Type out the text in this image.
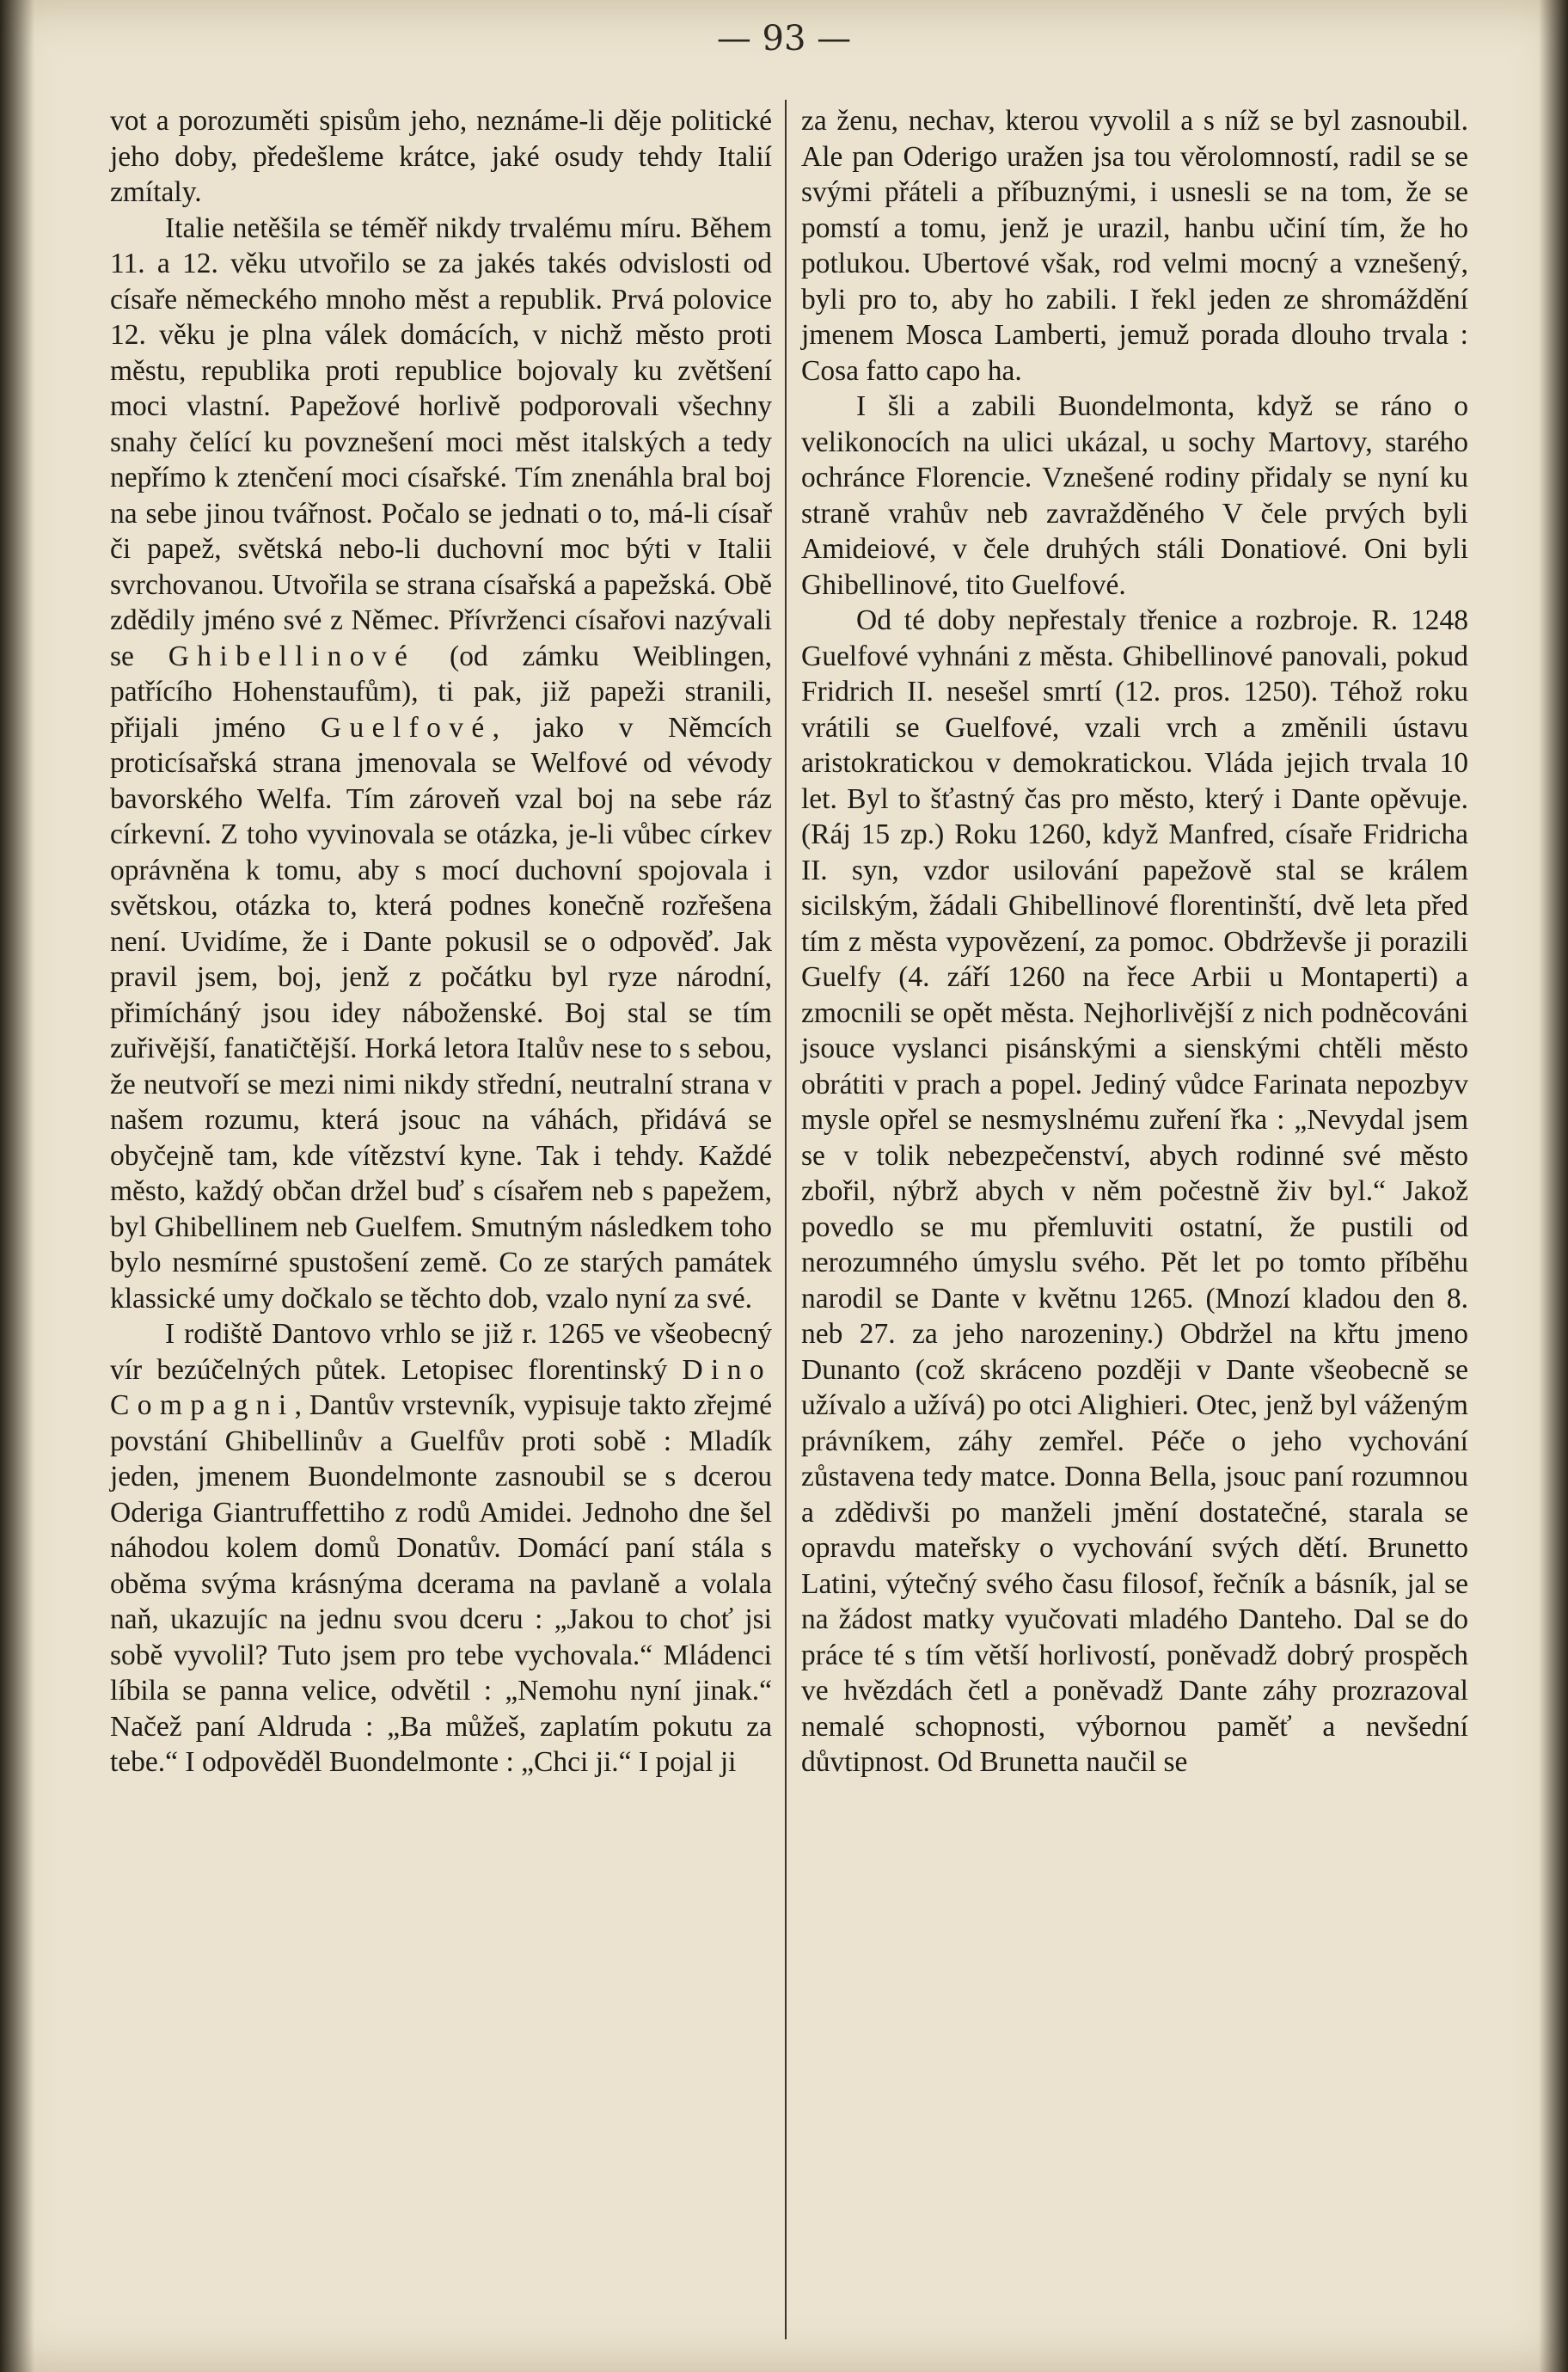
— 93 —

vot a porozuměti spisům jeho, neznáme-li děje politické jeho doby, předešleme krátce, jaké osudy tehdy Italií zmítaly.

Italie netěšila se téměř nikdy trvalému míru. Během 11. a 12. věku utvořilo se za jakés takés odvislosti od císaře německého mnoho měst a republik. Prvá polovice 12. věku je plna válek domácích, v nichž město proti městu, republika proti republice bojovaly ku zvětšení moci vlastní. Papežové horlivě podporovali všechny snahy čelící ku povznešení moci měst italských a tedy nepřímo k ztenčení moci císařské. Tím znenáhla bral boj na sebe jinou tvářnost. Počalo se jednati o to, má-li císař či papež, světská nebo-li duchovní moc býti v Italii svrchovanou. Utvořila se strana císařská a papežská. Obě zdědily jméno své z Němec. Přívrženci císařovi nazývali se Ghibellinové (od zámku Weiblingen, patřícího Hohenstaufům), ti pak, již papeži stranili, přijali jméno Guelfové, jako v Němcích proticísařská strana jmenovala se Welfové od vévody bavorského Welfa. Tím zároveň vzal boj na sebe ráz církevní. Z toho vyvinovala se otázka, je-li vůbec církev oprávněna k tomu, aby s mocí duchovní spojovala i světskou, otázka to, která podnes konečně rozřešena není. Uvidíme, že i Dante pokusil se o odpověď. Jak pravil jsem, boj, jenž z počátku byl ryze národní, přimícháný jsou idey náboženské. Boj stal se tím zuřivější, fanatičtější. Horká letora Italův nese to s sebou, že neutvoří se mezi nimi nikdy střední, neutralní strana v našem rozumu, která jsouc na váhách, přidává se obyčejně tam, kde vítězství kyne. Tak i tehdy. Každé město, každý občan držel buď s císařem neb s papežem, byl Ghibellinem neb Guelfem. Smutným následkem toho bylo nesmírné spustošení země. Co ze starých památek klassické umy dočkalo se těchto dob, vzalo nyní za své.

I rodiště Dantovo vrhlo se již r. 1265 ve všeobecný vír bezúčelných půtek. Letopisec florentinský Dino Compagni, Dantův vrstevník, vypisuje takto zřejmé povstání Ghibellinův a Guelfův proti sobě : Mladík jeden, jmenem Buondelmonte zasnoubil se s dcerou Oderiga Giantruffettiho z rodů Amidei. Jednoho dne šel náhodou kolem domů Donatův. Domácí paní stála s oběma svýma krásnýma dcerama na pavlaně a volala naň, ukazujíc na jednu svou dceru : „Jakou to choť jsi sobě vyvolil? Tuto jsem pro tebe vychovala.“ Mládenci líbila se panna velice, odvětil : „Nemohu nyní jinak.“ Načež paní Aldruda : „Ba můžeš, zaplatím pokutu za tebe.“ I odpověděl Buondelmonte : „Chci ji.“ I pojal ji

za ženu, nechav, kterou vyvolil a s níž se byl zasnoubil. Ale pan Oderigo uražen jsa tou věrolomností, radil se se svými přáteli a příbuznými, i usnesli se na tom, že se pomstí a tomu, jenž je urazil, hanbu učiní tím, že ho potlukou. Ubertové však, rod velmi mocný a vznešený, byli pro to, aby ho zabili. I řekl jeden ze shromáždění jmenem Mosca Lamberti, jemuž porada dlouho trvala : Cosa fatto capo ha.

I šli a zabili Buondelmonta, když se ráno o velikonocích na ulici ukázal, u sochy Martovy, starého ochránce Florencie. Vznešené rodiny přidaly se nyní ku straně vrahův neb zavražděného V čele prvých byli Amideiové, v čele druhých stáli Donatiové. Oni byli Ghibellinové, tito Guelfové.

Od té doby nepřestaly třenice a rozbroje. R. 1248 Guelfové vyhnáni z města. Ghibellinové panovali, pokud Fridrich II. nesešel smrtí (12. pros. 1250). Téhož roku vrátili se Guelfové, vzali vrch a změnili ústavu aristokratickou v demokratickou. Vláda jejich trvala 10 let. Byl to šťastný čas pro město, který i Dante opěvuje. (Ráj 15 zp.) Roku 1260, když Manfred, císaře Fridricha II. syn, vzdor usilování papežově stal se králem sicilským, žádali Ghibellinové florentinští, dvě leta před tím z města vypovězení, za pomoc. Obdrževše ji porazili Guelfy (4. září 1260 na řece Arbii u Montaperti) a zmocnili se opět města. Nejhorlivější z nich podněcováni jsouce vyslanci pisánskými a sienskými chtěli město obrátiti v prach a popel. Jediný vůdce Farinata nepozbyv mysle opřel se nesmyslnému zuření řka : „Nevydal jsem se v tolik nebezpečenství, abych rodinné své město zbořil, nýbrž abych v něm počestně živ byl.“ Jakož povedlo se mu přemluviti ostatní, že pustili od nerozumného úmyslu svého. Pět let po tomto příběhu narodil se Dante v květnu 1265. (Mnozí kladou den 8. neb 27. za jeho narozeniny.) Obdržel na křtu jmeno Dunanto (což skráceno později v Dante všeobecně se užívalo a užívá) po otci Alighieri. Otec, jenž byl váženým právníkem, záhy zemřel. Péče o jeho vychování zůstavena tedy matce. Donna Bella, jsouc paní rozumnou a zdědivši po manželi jmění dostatečné, starala se opravdu mateřsky o vychování svých dětí. Brunetto Latini, výtečný svého času filosof, řečník a básník, jal se na žádost matky vyučovati mladého Danteho. Dal se do práce té s tím větší horlivostí, poněvadž dobrý prospěch ve hvězdách četl a poněvadž Dante záhy prozrazoval nemalé schopnosti, výbornou paměť a nevšední důvtipnost. Od Brunetta naučil se
